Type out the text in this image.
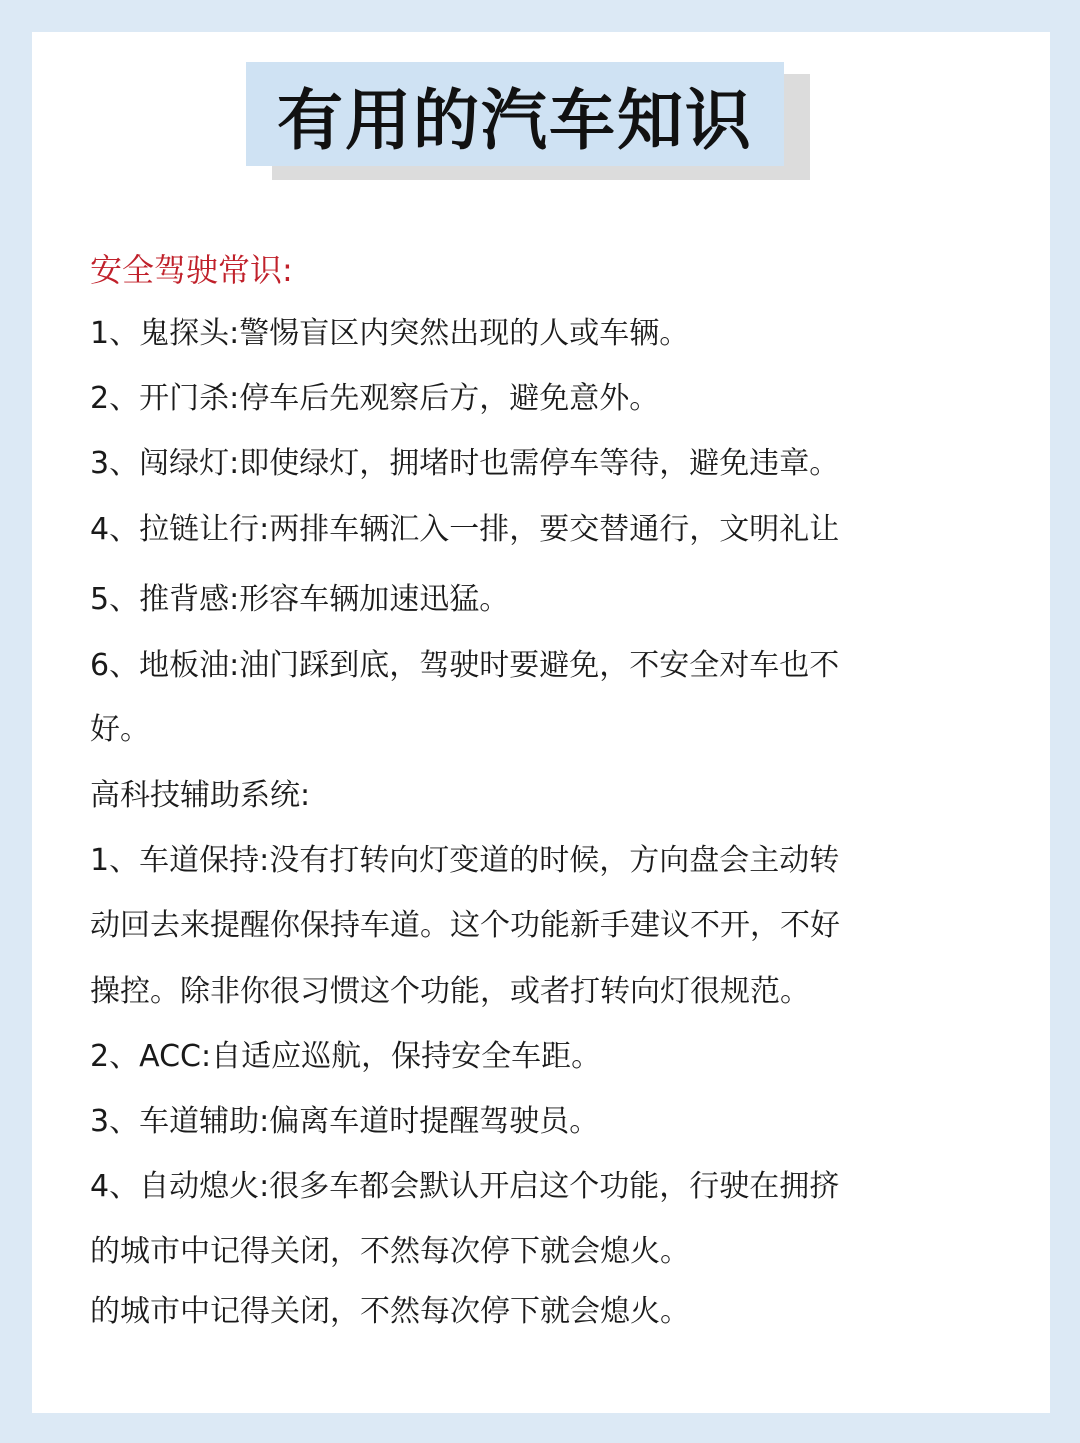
有用的汽车知识
安全驾驶常识:
1、鬼探头:警惕盲区内突然出现的人或车辆。
2、开门杀:停车后先观察后方，避免意外。
3、闯绿灯:即使绿灯，拥堵时也需停车等待，避免违章。
4、拉链让行:两排车辆汇入一排，要交替通行，文明礼让
5、推背感:形容车辆加速迅猛。
6、地板油:油门踩到底，驾驶时要避免，不安全对车也不
好。
高科技辅助系统:
1、车道保持:没有打转向灯变道的时候，方向盘会主动转
动回去来提醒你保持车道。这个功能新手建议不开，不好
操控。除非你很习惯这个功能，或者打转向灯很规范。
2、ACC:自适应巡航，保持安全车距。
3、车道辅助:偏离车道时提醒驾驶员。
4、自动熄火:很多车都会默认开启这个功能，行驶在拥挤
的城市中记得关闭，不然每次停下就会熄火。
的城市中记得关闭，不然每次停下就会熄火。
